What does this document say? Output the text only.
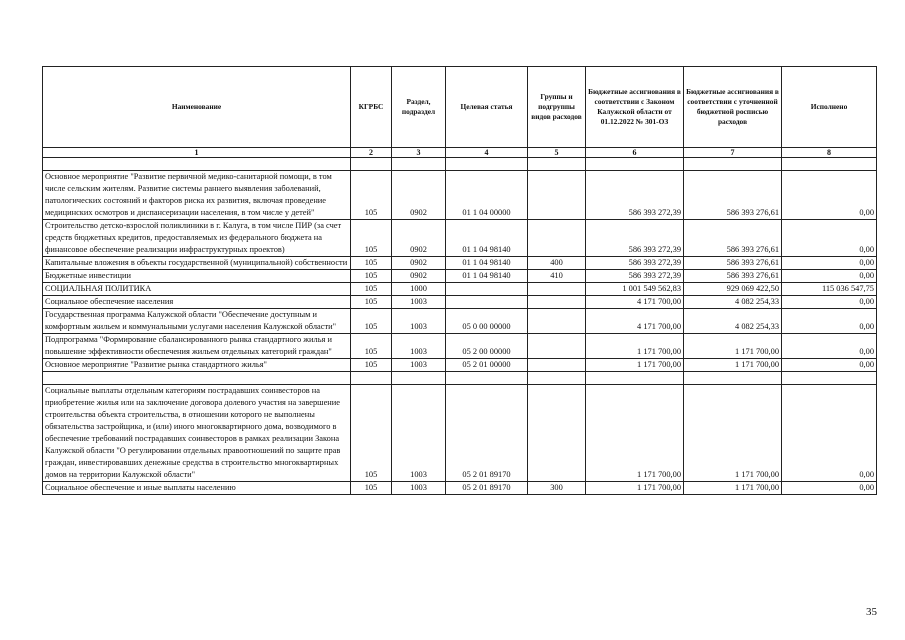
Наименование	КГРБС	Раздел, подраздел	Целевая статья	Группы и подгруппы видов расходов	Бюджетные ассигнования в соответствии с Законом Калужской области от 01.12.2022 № 301-ОЗ	Бюджетные ассигнования в соответствии с уточненной бюджетной росписью расходов	Исполнено
1	2	3	4	5	6	7	8

Основное мероприятие "Развитие первичной медико-санитарной помощи, в том числе сельским жителям. Развитие системы раннего выявления заболеваний, патологических состояний и факторов риска их развития, включая проведение медицинских осмотров и диспансеризации населения, в том числе у детей"	105	0902	01 1 04 00000		586 393 272,39	586 393 276,61	0,00
Строительство детско-взрослой поликлиники в г. Калуга, в том числе ПИР (за счет средств бюджетных кредитов, предоставляемых из федерального бюджета на финансовое обеспечение реализации инфраструктурных проектов)	105	0902	01 1 04 98140		586 393 272,39	586 393 276,61	0,00
Капитальные вложения в объекты государственной (муниципальной) собственности	105	0902	01 1 04 98140	400	586 393 272,39	586 393 276,61	0,00
Бюджетные инвестиции	105	0902	01 1 04 98140	410	586 393 272,39	586 393 276,61	0,00
СОЦИАЛЬНАЯ ПОЛИТИКА	105	1000			1 001 549 562,83	929 069 422,50	115 036 547,75
Социальное обеспечение населения	105	1003			4 171 700,00	4 082 254,33	0,00
Государственная программа Калужской области "Обеспечение доступным и комфортным жильем и коммунальными услугами населения Калужской области"	105	1003	05 0 00 00000		4 171 700,00	4 082 254,33	0,00
Подпрограмма "Формирование сбалансированного рынка стандартного жилья и повышение эффективности обеспечения жильем отдельных категорий граждан"	105	1003	05 2 00 00000		1 171 700,00	1 171 700,00	0,00
Основное мероприятие "Развитие рынка стандартного жилья"	105	1003	05 2 01 00000		1 171 700,00	1 171 700,00	0,00

Социальные выплаты отдельным категориям пострадавших соинвесторов на приобретение жилья или на заключение договора долевого участия на завершение строительства объекта строительства, в отношении которого не выполнены обязательства застройщика, и (или) иного многоквартирного дома, возводимого в обеспечение требований пострадавших соинвесторов в рамках реализации Закона Калужской области "О регулировании отдельных правоотношений по защите прав граждан, инвестировавших денежные средства в строительство многоквартирных домов на территории Калужской области"	105	1003	05 2 01 89170		1 171 700,00	1 171 700,00	0,00
Социальное обеспечение и иные выплаты населению	105	1003	05 2 01 89170	300	1 171 700,00	1 171 700,00	0,00
35
